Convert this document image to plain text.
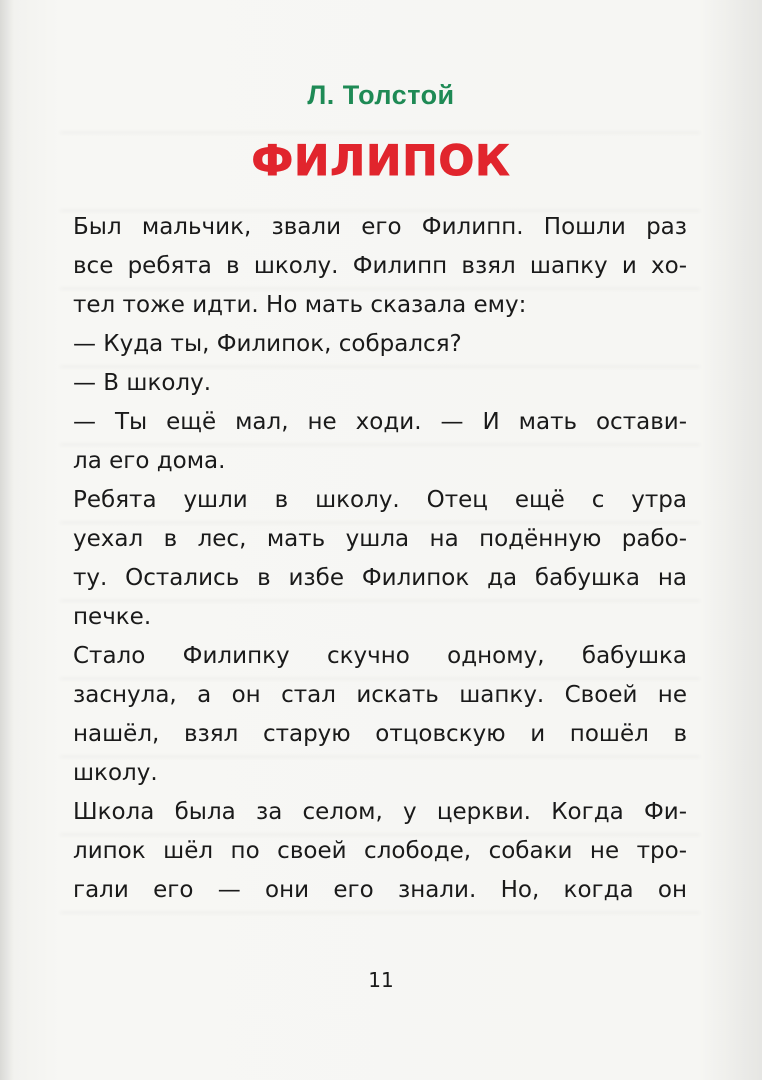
Л. Толстой
ФИЛИПОК
Был мальчик, звали его Филипп. Пошли раз
все ребята в школу. Филипп взял шапку и хо-
тел тоже идти. Но мать сказала ему:
— Куда ты, Филипок, собрался?
— В школу.
— Ты ещё мал, не ходи. — И мать остави-
ла его дома.
Ребята ушли в школу. Отец ещё с утра
уехал в лес, мать ушла на подённую рабо-
ту. Остались в избе Филипок да бабушка на
печке.
Стало Филипку скучно одному, бабушка
заснула, а он стал искать шапку. Своей не
нашёл, взял старую отцовскую и пошёл в
школу.
Школа была за селом, у церкви. Когда Фи-
липок шёл по своей слободе, собаки не тро-
гали его — они его знали. Но, когда он
11
